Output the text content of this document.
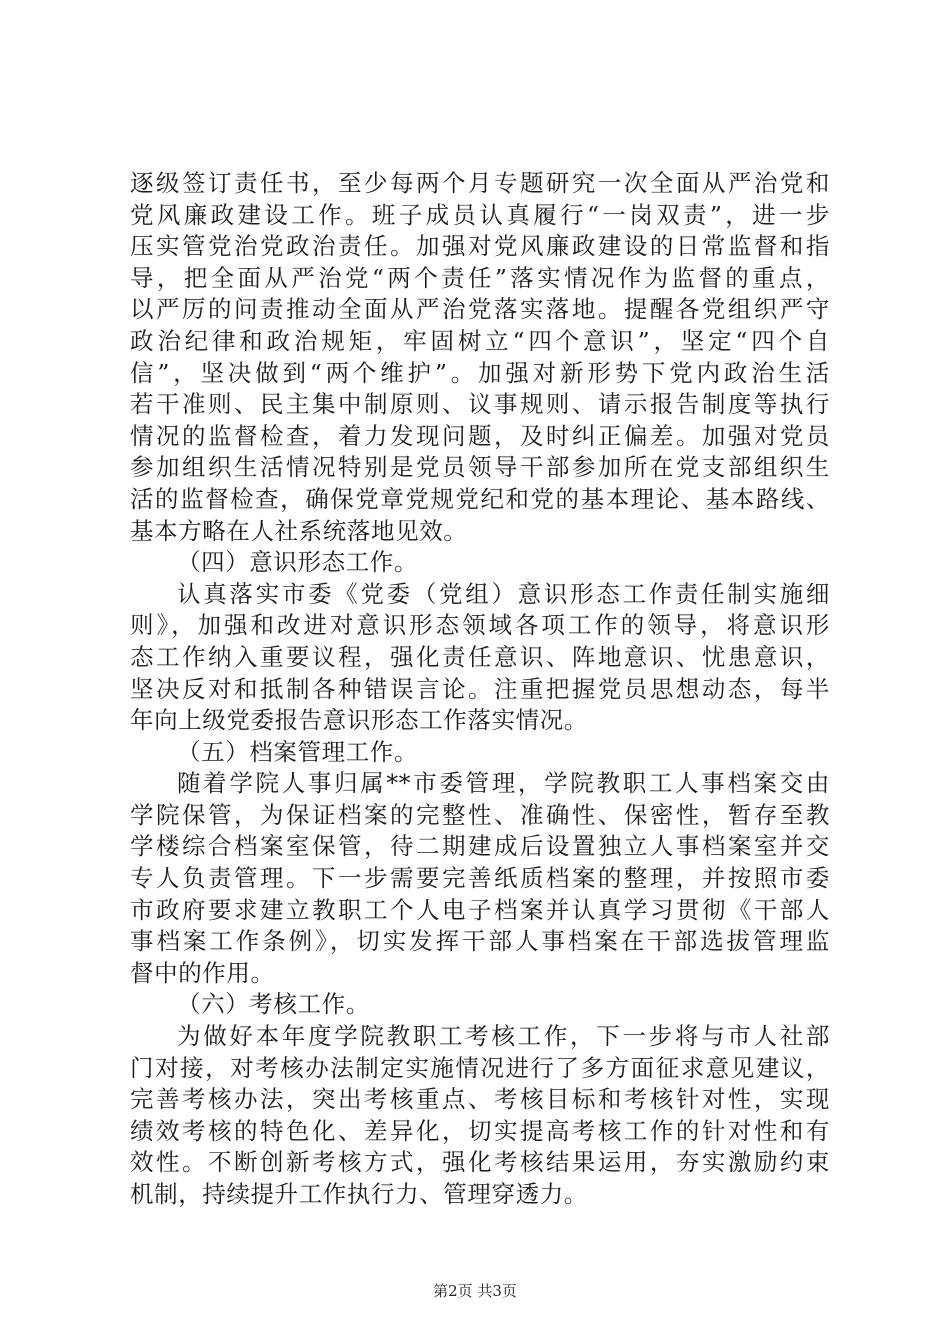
逐级签订责任书，至少每两个月专题研究一次全面从严治党和
党风廉政建设工作。班子成员认真履行“一岗双责”，进一步
压实管党治党政治责任。加强对党风廉政建设的日常监督和指
导，把全面从严治党“两个责任”落实情况作为监督的重点，
以严厉的问责推动全面从严治党落实落地。提醒各党组织严守
政治纪律和政治规矩，牢固树立“四个意识”，坚定“四个自
信”，坚决做到“两个维护”。加强对新形势下党内政治生活
若干准则、民主集中制原则、议事规则、请示报告制度等执行
情况的监督检查，着力发现问题，及时纠正偏差。加强对党员
参加组织生活情况特别是党员领导干部参加所在党支部组织生
活的监督检查，确保党章党规党纪和党的基本理论、基本路线、
基本方略在人社系统落地见效。
（四）意识形态工作。
认真落实市委《党委（党组）意识形态工作责任制实施细
则》，加强和改进对意识形态领域各项工作的领导，将意识形
态工作纳入重要议程，强化责任意识、阵地意识、忧患意识，
坚决反对和抵制各种错误言论。注重把握党员思想动态，每半
年向上级党委报告意识形态工作落实情况。
（五）档案管理工作。
随着学院人事归属**市委管理，学院教职工人事档案交由
学院保管，为保证档案的完整性、准确性、保密性，暂存至教
学楼综合档案室保管，待二期建成后设置独立人事档案室并交
专人负责管理。下一步需要完善纸质档案的整理，并按照市委
市政府要求建立教职工个人电子档案并认真学习贯彻《干部人
事档案工作条例》，切实发挥干部人事档案在干部选拔管理监
督中的作用。
（六）考核工作。
为做好本年度学院教职工考核工作，下一步将与市人社部
门对接，对考核办法制定实施情况进行了多方面征求意见建议，
完善考核办法，突出考核重点、考核目标和考核针对性，实现
绩效考核的特色化、差异化，切实提高考核工作的针对性和有
效性。不断创新考核方式，强化考核结果运用，夯实激励约束
机制，持续提升工作执行力、管理穿透力。
第2页 共3页
